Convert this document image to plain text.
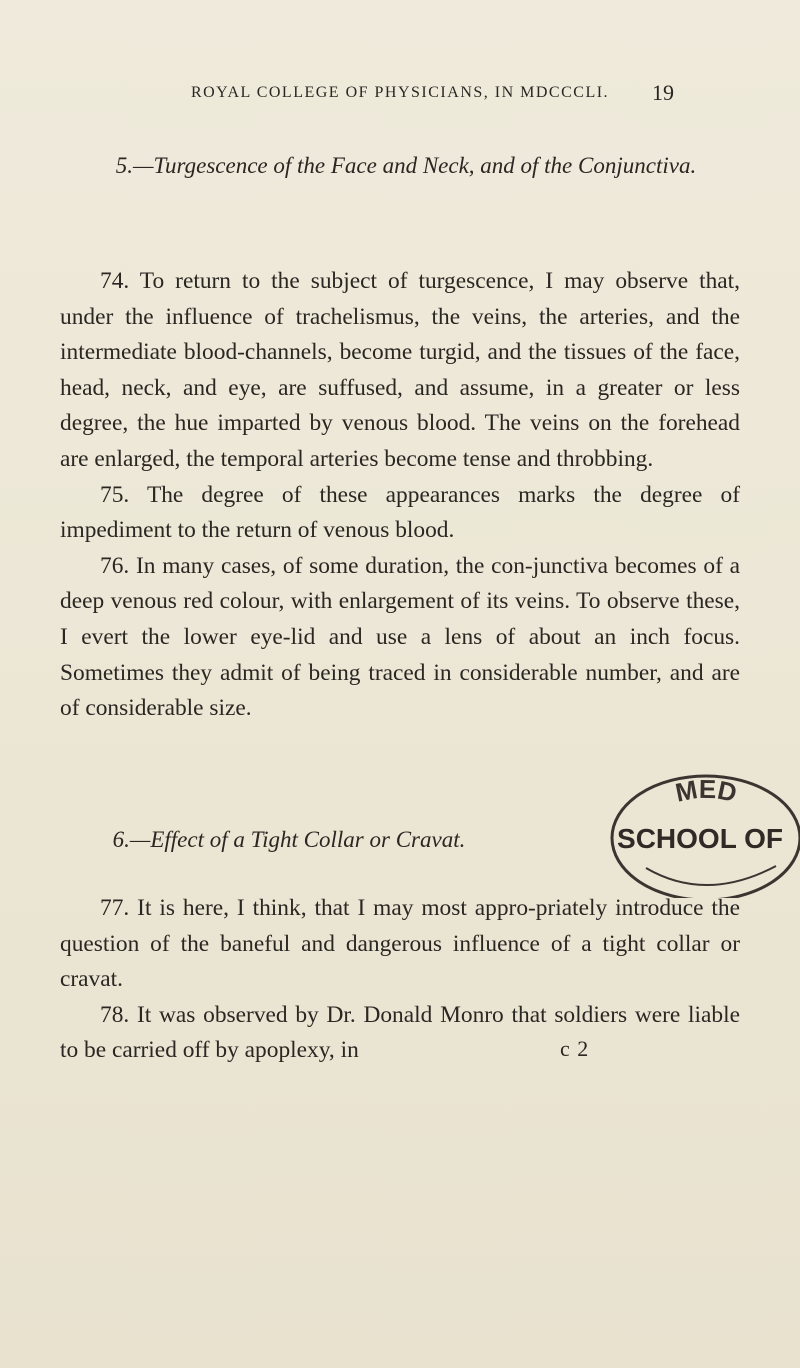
ROYAL COLLEGE OF PHYSICIANS, IN MDCCCLI.	19
5.—Turgescence of the Face and Neck, and of the Conjunctiva.

74. To return to the subject of turgescence, I may observe that, under the influence of trachelismus, the veins, the arteries, and the intermediate blood-channels, become turgid, and the tissues of the face, head, neck, and eye, are suffused, and assume, in a greater or less degree, the hue imparted by venous blood. The veins on the forehead are enlarged, the temporal arteries become tense and throbbing.

75. The degree of these appearances marks the degree of impediment to the return of venous blood.

76. In many cases, of some duration, the con-junctiva becomes of a deep venous red colour, with enlargement of its veins. To observe these, I evert the lower eye-lid and use a lens of about an inch focus. Sometimes they admit of being traced in considerable number, and are of considerable size.

6.—Effect of a Tight Collar or Cravat.

77. It is here, I think, that I may most appro-priately introduce the question of the baneful and dangerous influence of a tight collar or cravat.

78. It was observed by Dr. Donald Monro that soldiers were liable to be carried off by apoplexy, in	c 2
MED
SCHOOL OF
